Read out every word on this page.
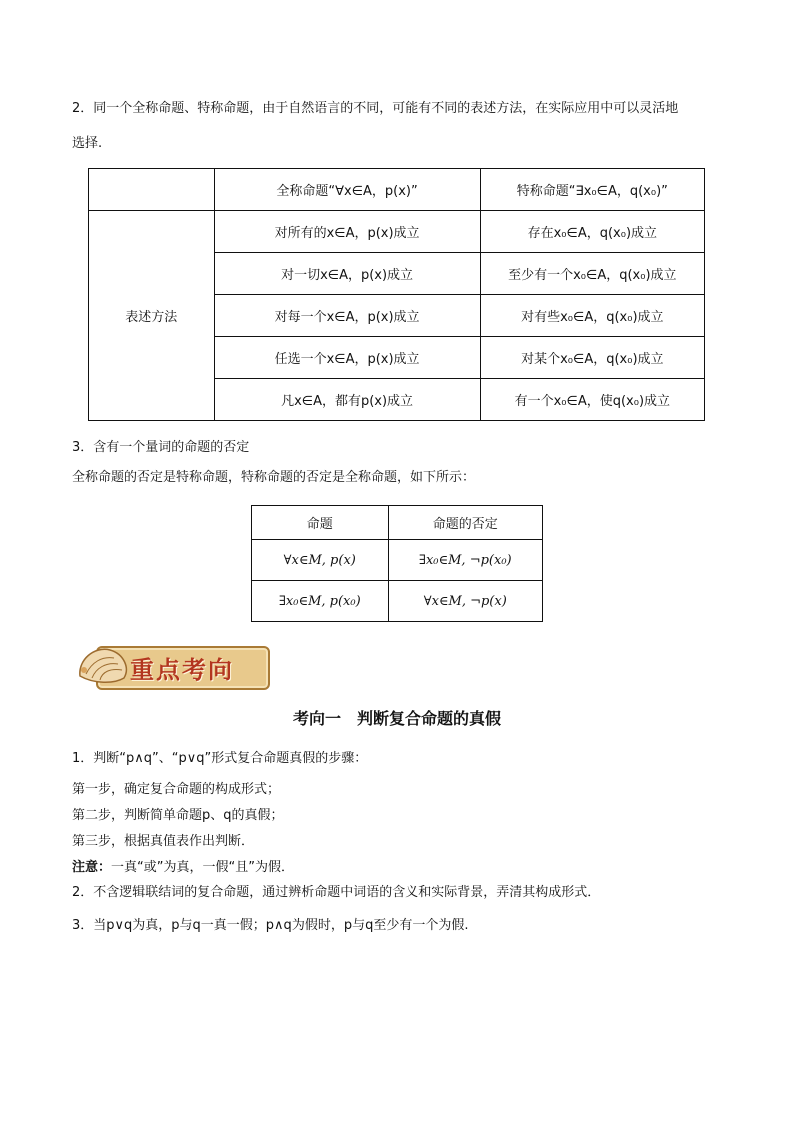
2．同一个全称命题、特称命题，由于自然语言的不同，可能有不同的表述方法，在实际应用中可以灵活地
选择.
	全称命题“∀x∈A，p(x)”	特称命题“∃x₀∈A，q(x₀)”
表述方法	对所有的x∈A，p(x)成立	存在x₀∈A，q(x₀)成立
	对一切x∈A，p(x)成立	至少有一个x₀∈A，q(x₀)成立
	对每一个x∈A，p(x)成立	对有些x₀∈A，q(x₀)成立
	任选一个x∈A，p(x)成立	对某个x₀∈A，q(x₀)成立
	凡x∈A，都有p(x)成立	有一个x₀∈A，使q(x₀)成立
3．含有一个量词的命题的否定
全称命题的否定是特称命题，特称命题的否定是全称命题，如下所示：
命题	命题的否定
∀x∈M, p(x)	∃x₀∈M, ¬p(x₀)
∃x₀∈M, p(x₀)	∀x∈M, ¬p(x)
重点考向
考向一　判断复合命题的真假
1．判断“p∧q”、“p∨q”形式复合命题真假的步骤：
第一步，确定复合命题的构成形式；
第二步，判断简单命题p、q的真假；
第三步，根据真值表作出判断．
注意：一真“或”为真，一假“且”为假．
2．不含逻辑联结词的复合命题，通过辨析命题中词语的含义和实际背景，弄清其构成形式．
3．当p∨q为真，p与q一真一假；p∧q为假时，p与q至少有一个为假.
